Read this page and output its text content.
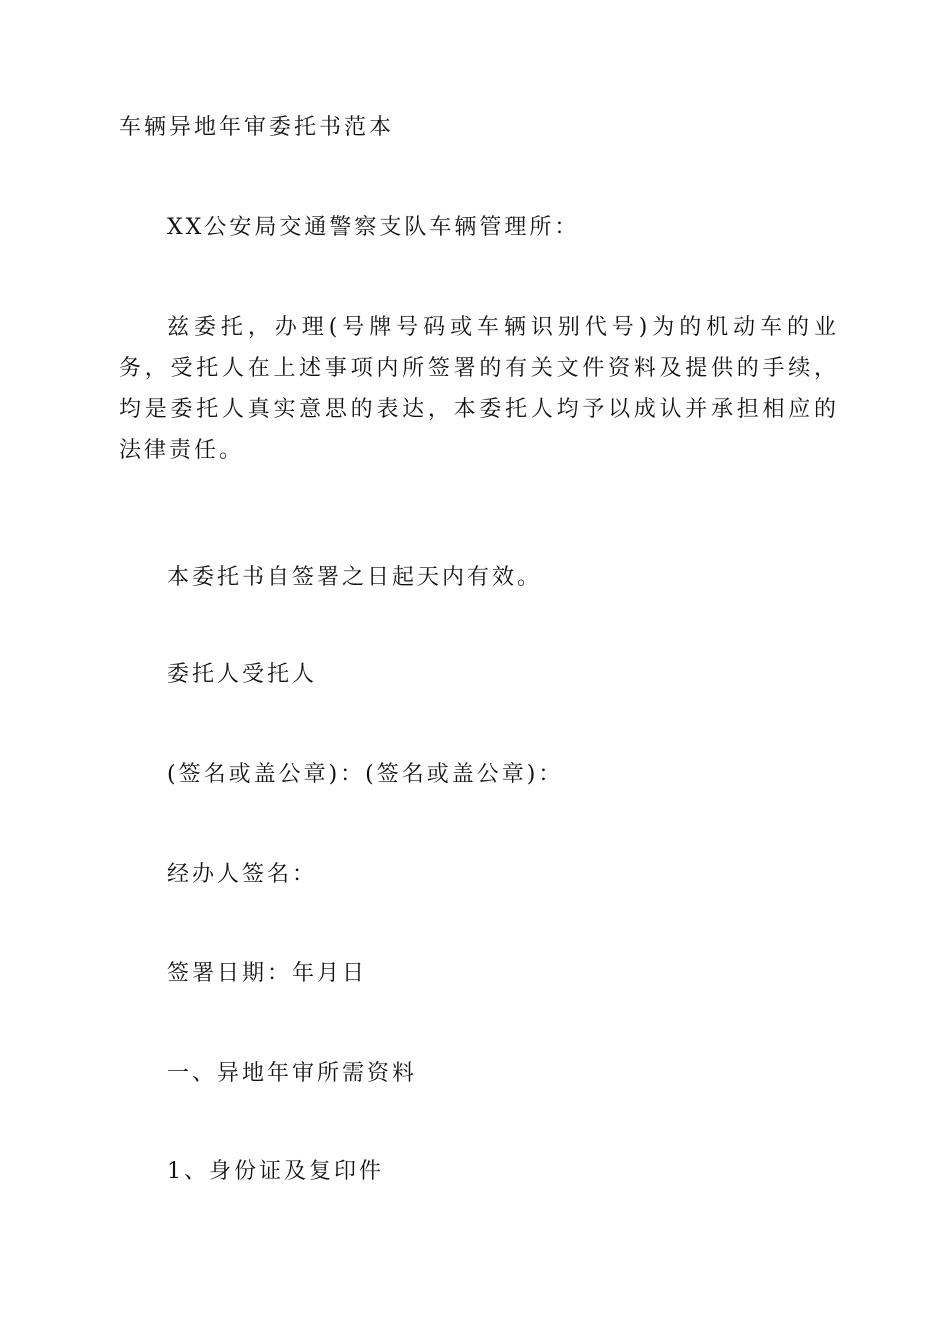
车辆异地年审委托书范本
XX公安局交通警察支队车辆管理所：
兹委托，办理(号牌号码或车辆识别代号)为的机动车的业务，受托人在上述事项内所签署的有关文件资料及提供的手续，均是委托人真实意思的表达，本委托人均予以成认并承担相应的法律责任。
本委托书自签署之日起天内有效。
委托人受托人
(签名或盖公章)：(签名或盖公章)：
经办人签名：
签署日期：年月日
一、异地年审所需资料
1、身份证及复印件
